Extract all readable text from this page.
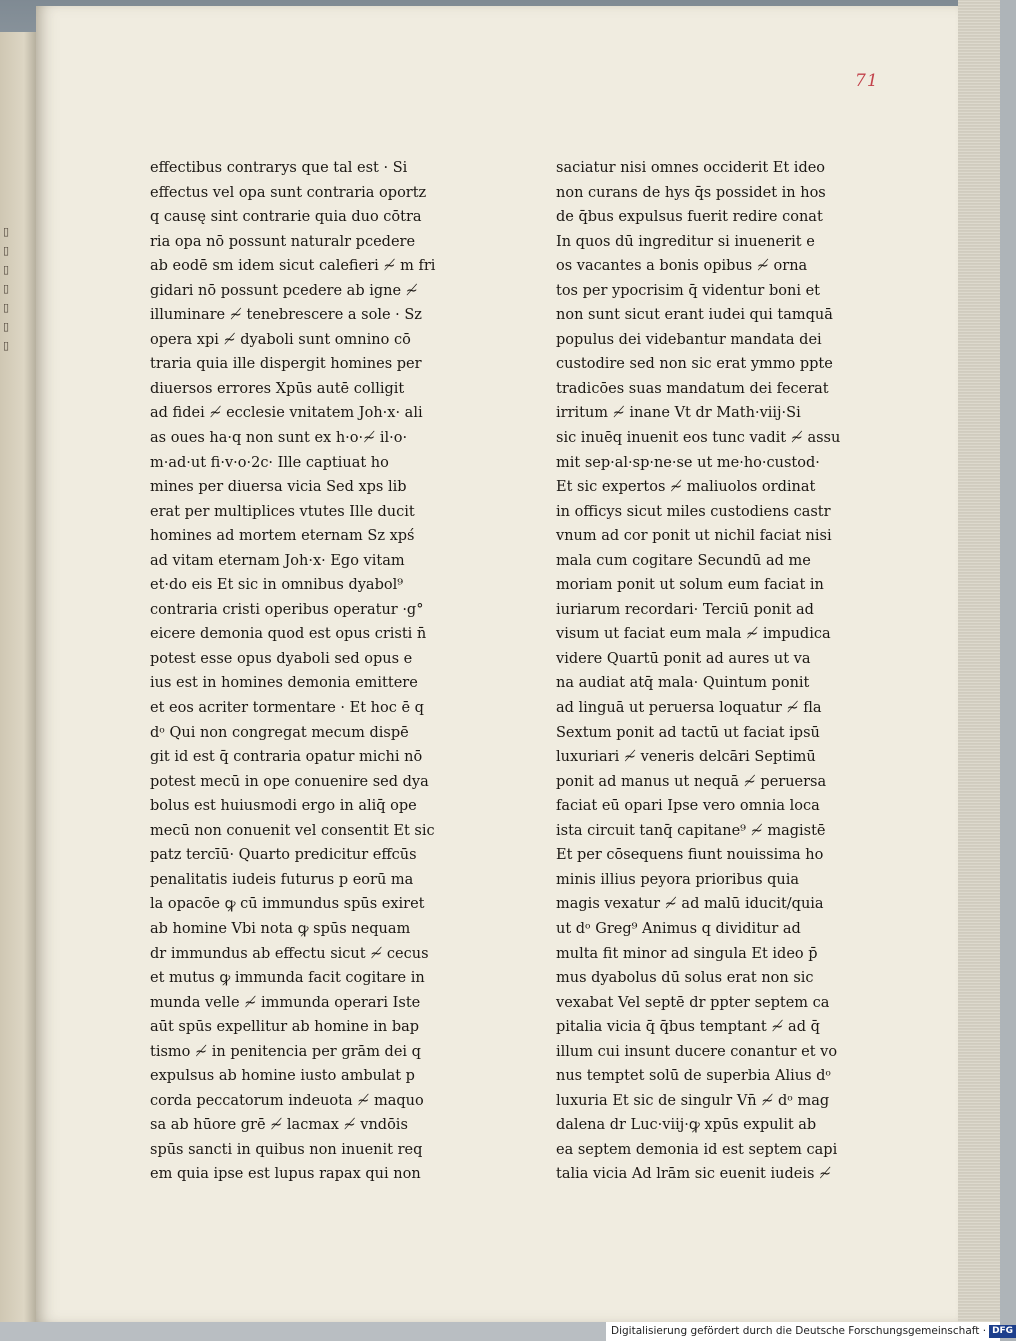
▯
▯
▯
▯
▯
▯
▯
71
effectibus contrarys que tal est · Si
effectus vel opa sunt contraria oportz
q causę sint contrarie quia duo cōtra
ria opa nō possunt naturalr pcedere
ab eodē sm idem sicut calefieri ≁ m fri
gidari nō possunt pcedere ab igne ≁
illuminare ≁ tenebrescere a sole · Sz
opera xpi ≁ dyaboli sunt omnino cō
traria quia ille dispergit homines per
diuersos errores Xpūs autē colligit
ad fidei ≁ ecclesie vnitatem Joh·x· ali
as oues ha·q non sunt ex h·o·≁ il·o·
m·ad·ut fi·v·o·2c· Ille captiuat ho
mines per diuersa vicia Sed xps lib
erat per multiplices vtutes Ille ducit
homines ad mortem eternam Sz xpś
ad vitam eternam Joh·x· Ego vitam
et·do eis Et sic in omnibus dyabol⁹
contraria cristi operibus operatur ·g°
eicere demonia quod est opus cristi n̄
potest esse opus dyaboli sed opus e
ius est in homines demonia emittere
et eos acriter tormentare · Et hoc ē q
dᵒ Qui non congregat mecum dispē
git id est q̄ contraria opatur michi nō
potest mecū in ope conuenire sed dya
bolus est huiusmodi ergo in aliq̄ ope
mecū non conuenit vel consentit Et sic
patz tercīū· Quarto predicitur effcūs
penalitatis iudeis futurus p eorū ma
la opacōe ꝙ cū immundus spūs exiret
ab homine Vbi nota ꝙ spūs nequam
dr immundus ab effectu sicut ≁ cecus
et mutus ꝙ immunda facit cogitare in
munda velle ≁ immunda operari Iste
aūt spūs expellitur ab homine in bap
tismo ≁ in penitencia per grām dei q
expulsus ab homine iusto ambulat p
corda peccatorum indeuota ≁ maquo
sa ab hūore grē ≁ lacmax ≁ vndōis
spūs sancti in quibus non inuenit req
em quia ipse est lupus rapax qui non
saciatur nisi omnes occiderit Et ideo
non curans de hys q̄s possidet in hos
de q̄bus expulsus fuerit redire conat
In quos dū ingreditur si inuenerit e
os vacantes a bonis opibus ≁ orna
tos per ypocrisim q̄ videntur boni et
non sunt sicut erant iudei qui tamquā
populus dei videbantur mandata dei
custodire sed non sic erat ymmo ppte
tradicōes suas mandatum dei fecerat
irritum ≁ inane Vt dr Math·viij·Si
sic inuēq inuenit eos tunc vadit ≁ assu
mit sep·al·sp·ne·se ut me·ho·custod·
Et sic expertos ≁ maliuolos ordinat
in officys sicut miles custodiens castr
vnum ad cor ponit ut nichil faciat nisi
mala cum cogitare Secundū ad me
moriam ponit ut solum eum faciat in
iuriarum recordari· Terciū ponit ad
visum ut faciat eum mala ≁ impudica
videre Quartū ponit ad aures ut va
na audiat atq̄ mala· Quintum ponit
ad linguā ut peruersa loquatur ≁ fla
Sextum ponit ad tactū ut faciat ipsū
luxuriari ≁ veneris delcāri Septimū
ponit ad manus ut nequā ≁ peruersa
faciat eū opari Ipse vero omnia loca
ista circuit tanq̄ capitane⁹ ≁ magistē
Et per cōsequens fiunt nouissima ho
minis illius peyora prioribus quia
magis vexatur ≁ ad malū iducit/quia
ut dᵒ Greg⁹ Animus q dividitur ad
multa fit minor ad singula Et ideo p̄
mus dyabolus dū solus erat non sic
vexabat Vel septē dr ppter septem ca
pitalia vicia q̄ q̄bus temptant ≁ ad q̄
illum cui insunt ducere conantur et vo
nus temptet solū de superbia Alius dᵒ
luxuria Et sic de singulr Vn̄ ≁ dᵒ mag
dalena dr Luc·viij·ꝙ xpūs expulit ab
ea septem demonia id est septem capi
talia vicia Ad lrām sic euenit iudeis ≁
Digitalisierung gefördert durch die Deutsche Forschungsgemeinschaft · DFG
